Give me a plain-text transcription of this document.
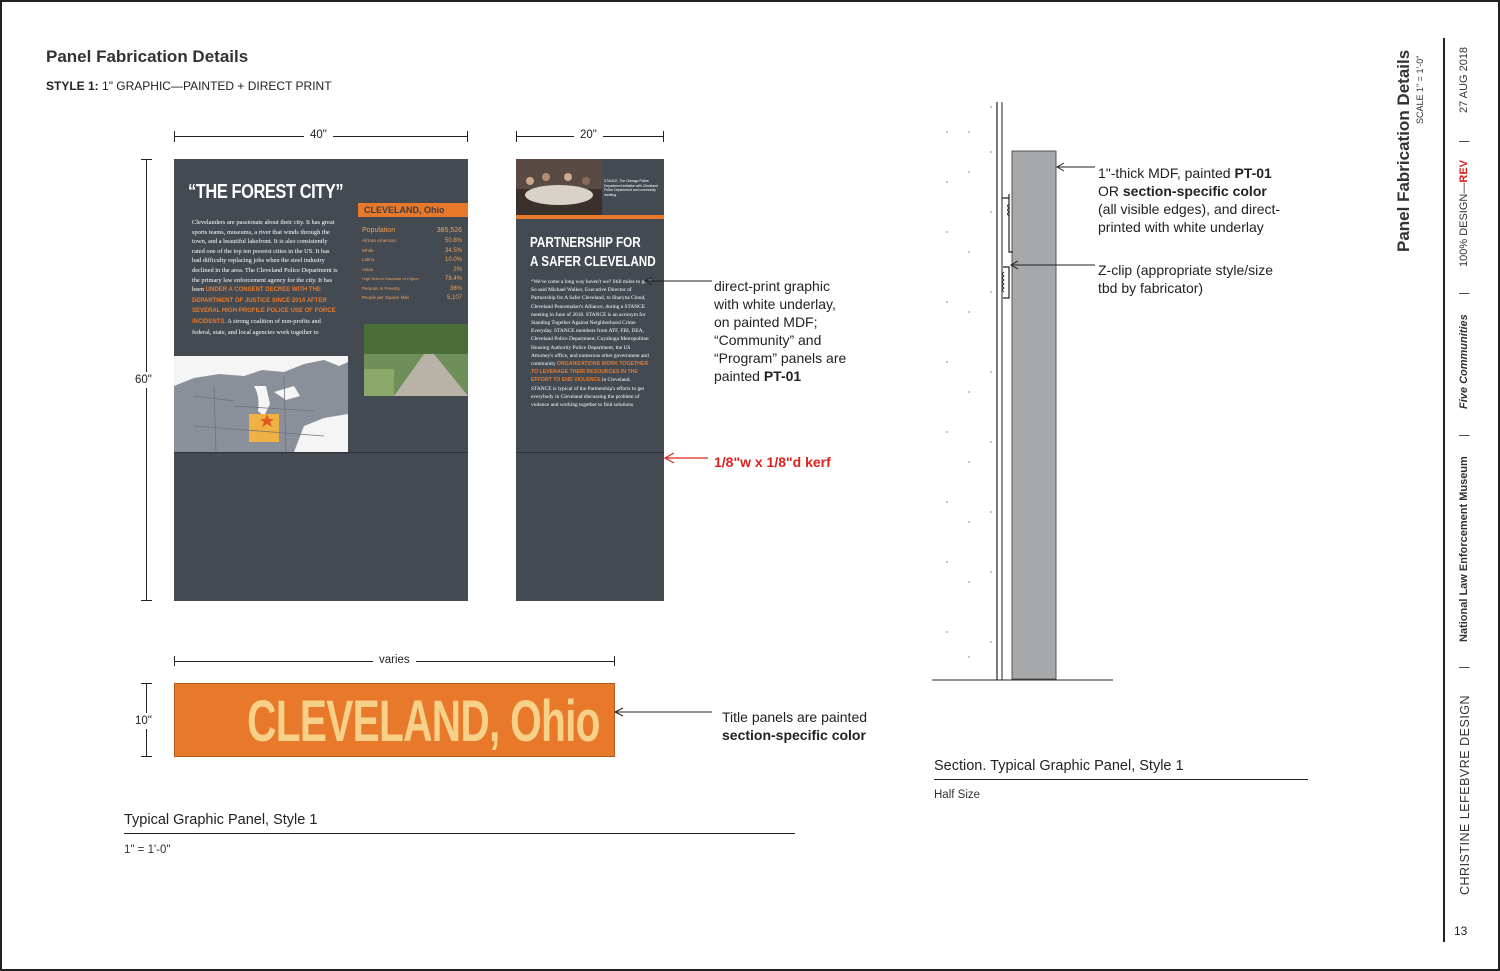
Panel Fabrication Details
STYLE 1: 1" GRAPHIC—PAINTED + DIRECT PRINT
40"	20"
60"
“THE FOREST CITY”
Clevelanders are passionate about their city. It has great sports teams, museums, a river that winds through the town, and a beautiful lakefront. It is also consistently rated one of the top ten poorest cities in the US. It has had difficulty replacing jobs when the steel industry declined in the area. The Cleveland Police Department is the primary law enforcement agency for the city. It has been UNDER A CONSENT DECREE WITH THE DEPARTMENT OF JUSTICE SINCE 2014 AFTER SEVERAL HIGH-PROFILE POLICE USE OF FORCE INCIDENTS. A strong coalition of non-profits and federal, state, and local agencies work together to
CLEVELAND, Ohio
Population	385,526
African American	50.8%
White	34.5%
Latino	10.0%
Asian	2%
High School Graduate or Higher	78.4%
Persons in Poverty	36%
People per Square Mile	5,107
STANCE, The Chicago Police Department initiative with Cleveland Police Department and community meeting.
PARTNERSHIP FOR
A SAFER CLEVELAND
“We've come a long way haven't we? Still miles to go.” So said Michael Walker, Executive Director of Partnership for A Safer Cleveland, to Sharyna Cloud, Cleveland Peacemaker's Alliance, during a STANCE meeting in June of 2018. STANCE is an acronym for Standing Together Against Neighborhood Crime Everyday. STANCE members from ATF, FBI, DEA, Cleveland Police Department, Cuyahoga Metropolitan Housing Authority Police Department, the US Attorney's office, and numerous other government and community ORGANIZATIONS WORK TOGETHER TO LEVERAGE THEIR RESOURCES IN THE EFFORT TO END VIOLENCE in Cleveland. STANCE is typical of the Partnership's efforts to get everybody in Cleveland discussing the problem of violence and working together to find solutions.
direct-print graphic
with white underlay,
on painted MDF;
“Community” and
“Program” panels are
painted PT-01
1/8"w x 1/8"d kerf
varies
10" CLEVELAND, Ohio	Title panels are painted
section-specific color
Typical Graphic Panel, Style 1
1" = 1'-0"
1"-thick MDF, painted PT-01
OR section-specific color
(all visible edges), and direct-
printed with white underlay
Z-clip (appropriate style/size
tbd by fabricator)
Section. Typical Graphic Panel, Style 1
Half Size
Panel Fabrication Details SCALE 1" = 1'-0"	27 AUG 2018
|
100% DESIGN—REV
|
Five Communities
|
National Law Enforcement Museum
|
CHRISTINE LEFEBVRE DESIGN
13
